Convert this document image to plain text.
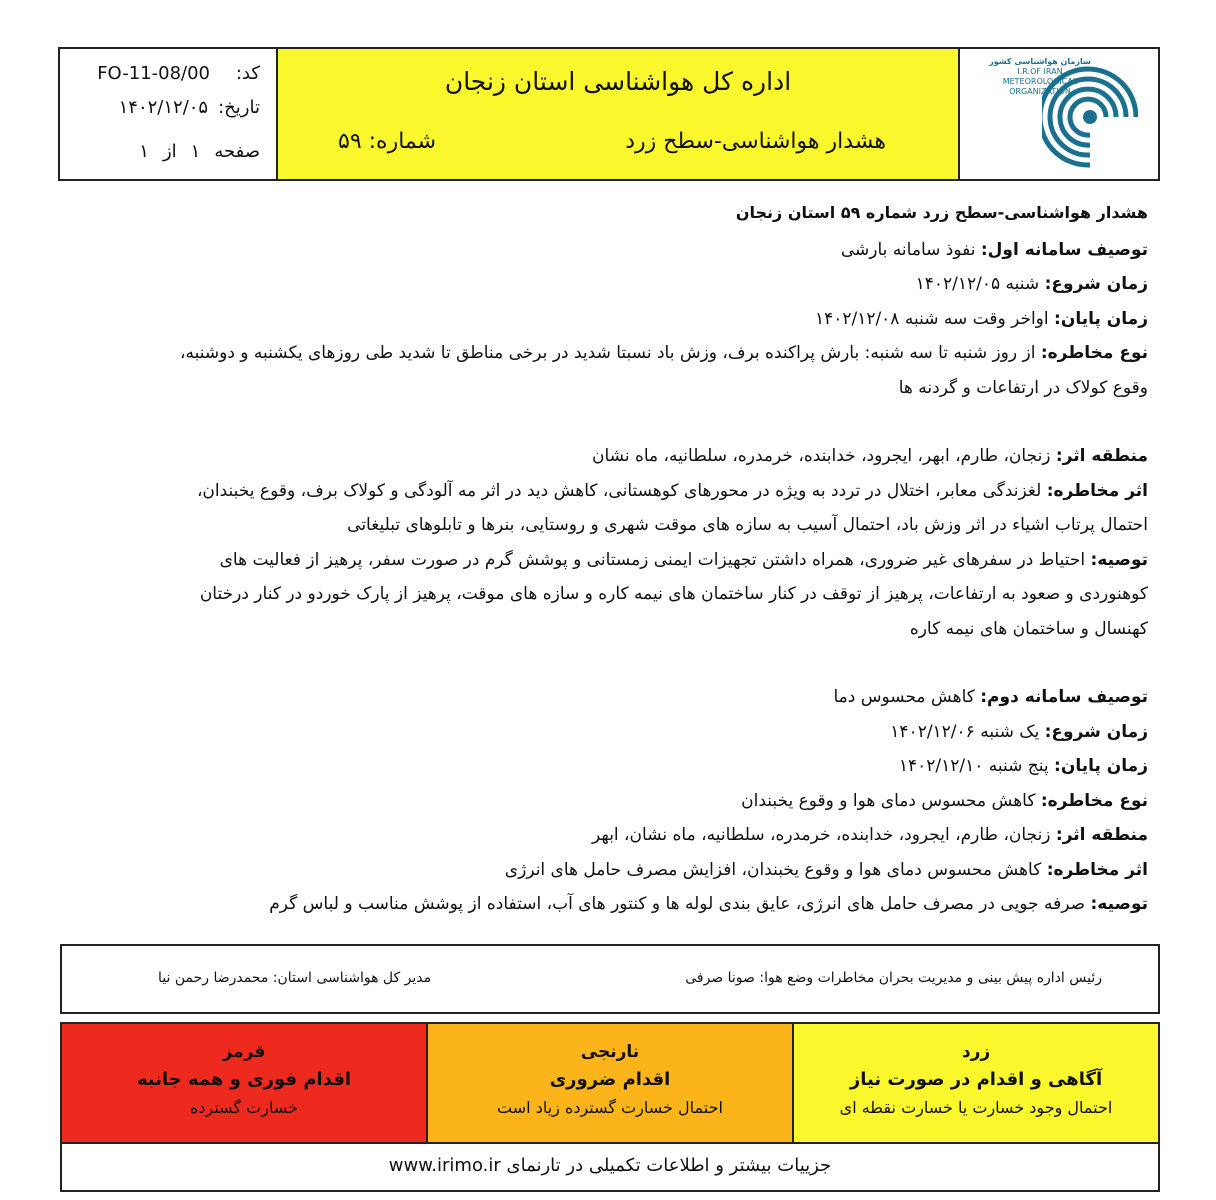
کد:
FO-11-08/00
تاریخ:
۱۴۰۲/۱۲/۰۵
صفحه
۱
از
۱
اداره کل هواشناسی استان زنجان
هشدار هواشناسی-سطح زرد
شماره: ۵۹
سازمان هواشناسی کشور
I.R.OF IRAN
METEOROLOGICAL
ORGANIZATION
هشدار هواشناسی-سطح زرد شماره ۵۹ استان زنجان
توصیف سامانه اول: نفوذ سامانه بارشی
زمان شروع: شنبه ۱۴۰۲/۱۲/۰۵
زمان پایان: اواخر وقت سه شنبه ۱۴۰۲/۱۲/۰۸
نوع مخاطره: از روز شنبه تا سه شنبه: بارش پراکنده برف، وزش باد نسبتا شدید در برخی مناطق تا شدید طی روزهای یکشنبه و دوشنبه،
وقوع کولاک در ارتفاعات و گردنه ها
منطقه اثر: زنجان، طارم، ابهر، ایجرود، خدابنده، خرمدره، سلطانیه، ماه نشان
اثر مخاطره: لغزندگی معابر، اختلال در تردد به ویژه در محورهای کوهستانی، کاهش دید در اثر مه آلودگی و کولاک برف، وقوع یخبندان،
احتمال پرتاب اشیاء در اثر وزش باد، احتمال آسیب به سازه های موقت شهری و روستایی، بنرها و تابلوهای تبلیغاتی
توصیه: احتیاط در سفرهای غیر ضروری، همراه داشتن تجهیزات ایمنی زمستانی و پوشش گرم در صورت سفر، پرهیز از فعالیت های
کوهنوردی و صعود به ارتفاعات، پرهیز از توقف در کنار ساختمان های نیمه کاره و سازه های موقت، پرهیز از پارک خوردو در کنار درختان
کهنسال و ساختمان های نیمه کاره
توصیف سامانه دوم: کاهش محسوس دما
زمان شروع: یک شنبه ۱۴۰۲/۱۲/۰۶
زمان پایان: پنج شنبه ۱۴۰۲/۱۲/۱۰
نوع مخاطره: کاهش محسوس دمای هوا و وقوع یخبندان
منطقه اثر: زنجان، طارم، ایجرود، خدابنده، خرمدره، سلطانیه، ماه نشان، ابهر
اثر مخاطره: کاهش محسوس دمای هوا و وقوع یخبندان، افزایش مصرف حامل های انرژی
توصیه: صرفه جویی در مصرف حامل های انرژی، عایق بندی لوله ها و کنتور های آب، استفاده از پوشش مناسب و لباس گرم
رئیس اداره پیش بینی و مدیریت بحران مخاطرات وضع هوا: صونا صرفی
مدیر کل هواشناسی استان: محمدرضا رحمن نیا
زرد
آگاهی و اقدام در صورت نیاز
احتمال وجود خسارت یا خسارت نقطه ای
نارنجی
اقدام ضروری
احتمال خسارت گسترده زیاد است
قرمز
اقدام فوری و همه جانبه
خسارت گسترده
جزییات بیشتر و اطلاعات تکمیلی در تارنمای www.irimo.ir
